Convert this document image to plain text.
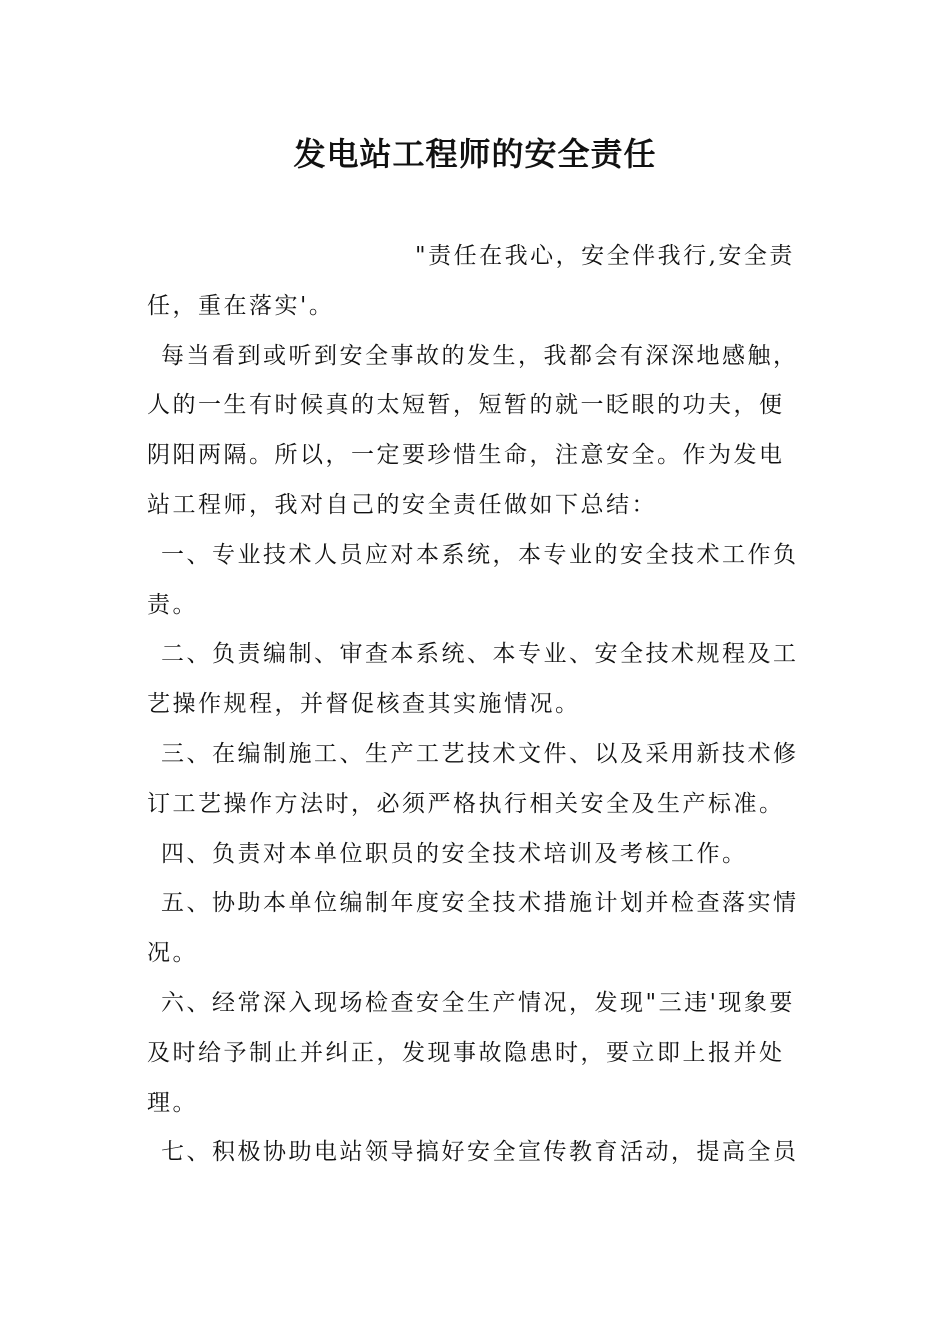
发电站工程师的安全责任

"责任在我心，安全伴我行,安全责任，重在落实'。

每当看到或听到安全事故的发生，我都会有深深地感触，人的一生有时候真的太短暂，短暂的就一眨眼的功夫，便阴阳两隔。所以，一定要珍惜生命，注意安全。作为发电站工程师，我对自己的安全责任做如下总结：

一、专业技术人员应对本系统，本专业的安全技术工作负责。

二、负责编制、审查本系统、本专业、安全技术规程及工艺操作规程，并督促核查其实施情况。

三、在编制施工、生产工艺技术文件、以及采用新技术修订工艺操作方法时，必须严格执行相关安全及生产标准。

四、负责对本单位职员的安全技术培训及考核工作。

五、协助本单位编制年度安全技术措施计划并检查落实情况。

六、经常深入现场检查安全生产情况，发现"三违'现象要及时给予制止并纠正，发现事故隐患时，要立即上报并处理。

七、积极协助电站领导搞好安全宣传教育活动，提高全员
